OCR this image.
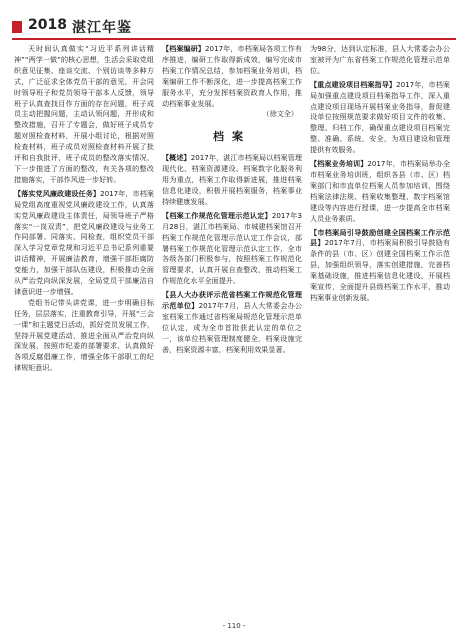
2018 湛江年鉴

天时间认真做实“习近平系列讲话精神”“两学一做”的核心思想，生活会采取党组织意见征集、座谈交流、个别访谈等多种方式，广泛征求全体党员干部的意见，开会同时领导班子和党员领导干部本人反馈，领导班子认真查找目作方面的存在问题，班子成员主动把握问题，主动认领问题，并形成和整改措施，召开了专题会，做好班子成员专题对照检查材料，开展小组讨论，根据对照检查材料，班子成员对照检查材料开展了批评和自我批评，班子成员的整改落实情况，下一步推进了方面的整改，有关各项的整改措施落实，干部作风进一步好转。

【落实党风廉政建设任务】2017年，市档案局党组高度重视党风廉政建设工作，认真落实党风廉政建设主体责任，局领导班子严格落实“一岗双责”，把党风廉政建设与业务工作同部署、同落实、同检查，组织党员干部深入学习党章党规和习近平总书记系列重要讲话精神，开展廉洁教育，增强干部拒腐防变能力，加强干部队伍建设，积极推动全面从严治党向纵深发展，全局党员干部廉洁自律意识进一步增强。

党组书记带头讲党课，进一步明确目标任务，层层落实，注重教育引导，开展“三会一课”和主题党日活动，抓好党员发展工作，坚持开展党建活动，推进全面从严治党向纵深发展，按照市纪委的部署要求，认真做好各项反腐倡廉工作，增强全体干部职工的纪律规矩意识。

【档案编研】2017年，市档案局各项工作有序推进，编研工作取得新成效，编写完成市档案工作情况总结，参加档案业务培训，档案编研工作不断深化，进一步提高档案工作服务水平，充分发挥档案资政育人作用，推动档案事业发展。

（徐文全）

档案

【概述】2017年，湛江市档案局以档案管理现代化、档案资源建设、档案数字化服务利用为重点，档案工作取得新进展，推进档案信息化建设，积极开展档案服务，档案事业持续健康发展。

【档案工作规范化管理示范认定】2017年3月28日，湛江市档案局、市城建档案馆召开档案工作规范化管理示范认定工作会议，部署档案工作规范化管理示范认定工作，全市各级各部门积极参与，按照档案工作规范化管理要求，认真开展自查整改，推动档案工作规范化水平全面提升。

【县人大办获评示范省档案工作规范化管理示范单位】2017年7月，县人大常委会办公室档案工作通过省档案局规范化管理示范单位认定，成为全市首批获此认定的单位之一，该单位档案管理制度健全，档案设施完善，档案资源丰富，档案利用效果显著。

为98分，达到认定标准，县人大常委会办公室被评为广东省档案工作规范化管理示范单位。

【重点建设项目档案指导】2017年，市档案局加强重点建设项目档案指导工作，深入重点建设项目现场开展档案业务指导，督促建设单位按照规范要求做好项目文件的收集、整理、归档工作，确保重点建设项目档案完整、准确、系统、安全，为项目建设和管理提供有效服务。

【档案业务培训】2017年，市档案局举办全市档案业务培训班，组织各县（市、区）档案部门和市直单位档案人员参加培训，围绕档案法律法规、档案收集整理、数字档案馆建设等内容进行授课，进一步提高全市档案人员业务素质。

【市档案局引导鼓励创建全国档案工作示范县】2017年7月，市档案局积极引导鼓励有条件的县（市、区）创建全国档案工作示范县，加强组织领导，落实创建措施，完善档案基础设施，推进档案信息化建设，开展档案宣传，全面提升县级档案工作水平，推动档案事业创新发展。

- 110 -
